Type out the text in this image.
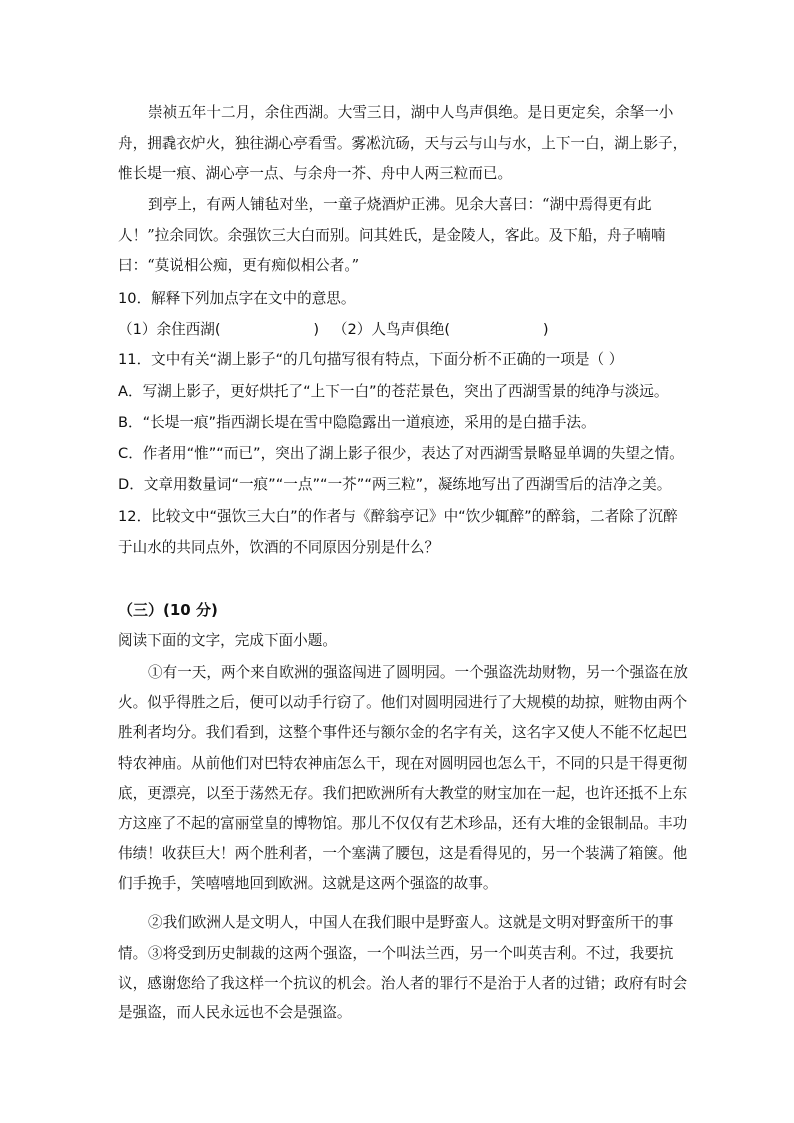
崇祯五年十二月，余住西湖。大雪三日，湖中人鸟声俱绝。是日更定矣，余拏一小舟，拥毳衣炉火，独往湖心亭看雪。雾凇沆砀，天与云与山与水，上下一白，湖上影子，惟长堤一痕、湖心亭一点、与余舟一芥、舟中人两三粒而已。

到亭上，有两人铺毡对坐，一童子烧酒炉正沸。见余大喜曰：“湖中焉得更有此人！”拉余同饮。余强饮三大白而别。问其姓氏，是金陵人，客此。及下船，舟子喃喃曰：“莫说相公痴，更有痴似相公者。”

10．解释下列加点字在文中的意思。

（1）余住西湖(                    )   （2）人鸟声俱绝(                    )

11．文中有关“湖上影子“的几句描写很有特点，下面分析不正确的一项是（ ）

A．写湖上影子，更好烘托了“上下一白”的苍茫景色，突出了西湖雪景的纯净与淡远。

B．“长堤一痕”指西湖长堤在雪中隐隐露出一道痕迹，采用的是白描手法。

C．作者用“惟”“而已”，突出了湖上影子很少，表达了对西湖雪景略显单调的失望之情。

D．文章用数量词“一痕”“一点”“一芥”“两三粒”，凝练地写出了西湖雪后的洁净之美。

12．比较文中“强饮三大白”的作者与《醉翁亭记》中“饮少辄醉”的醉翁，二者除了沉醉于山水的共同点外，饮酒的不同原因分别是什么？

（三）(10 分)

阅读下面的文字，完成下面小题。

①有一天，两个来自欧洲的强盗闯进了圆明园。一个强盗洗劫财物，另一个强盗在放火。似乎得胜之后，便可以动手行窃了。他们对圆明园进行了大规模的劫掠，赃物由两个胜利者均分。我们看到，这整个事件还与额尔金的名字有关，这名字又使人不能不忆起巴特农神庙。从前他们对巴特农神庙怎么干，现在对圆明园也怎么干，不同的只是干得更彻底，更漂亮，以至于荡然无存。我们把欧洲所有大教堂的财宝加在一起，也许还抵不上东方这座了不起的富丽堂皇的博物馆。那儿不仅仅有艺术珍品，还有大堆的金银制品。丰功伟绩！收获巨大！两个胜利者，一个塞满了腰包，这是看得见的，另一个装满了箱箧。他们手挽手，笑嘻嘻地回到欧洲。这就是这两个强盗的故事。

②我们欧洲人是文明人，中国人在我们眼中是野蛮人。这就是文明对野蛮所干的事情。 ③将受到历史制裁的这两个强盗，一个叫法兰西，另一个叫英吉利。不过，我要抗议，感谢您给了我这样一个抗议的机会。治人者的罪行不是治于人者的过错；政府有时会是强盗，而人民永远也不会是强盗。
